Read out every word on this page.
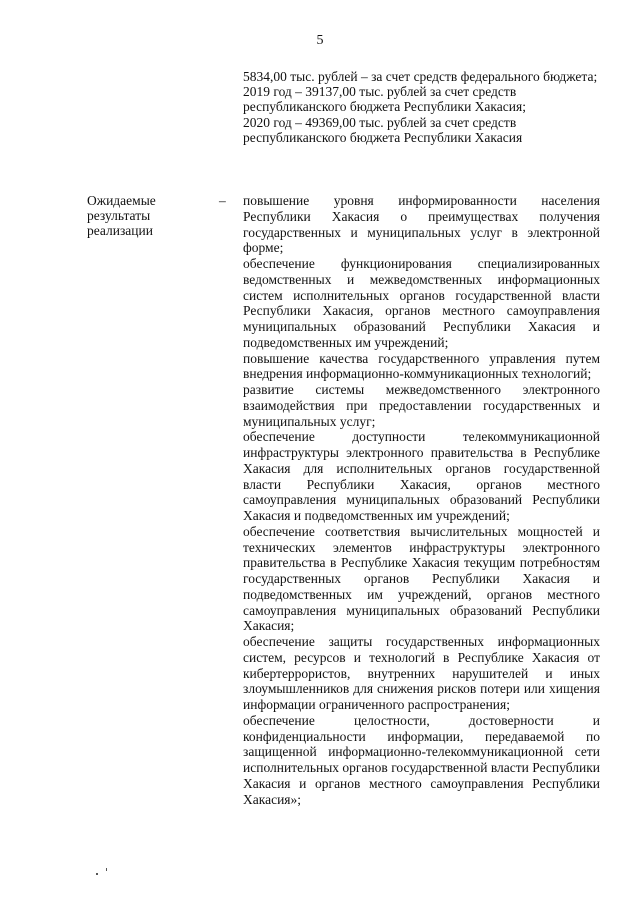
5

5834,00 тыс. рублей – за счет средств федерального бюджета;

2019 год – 39137,00 тыс. рублей за счет средств республиканского бюджета Республики Хакасия;

2020 год – 49369,00 тыс. рублей за счет средств республиканского бюджета Республики Хакасия

Ожидаемые

результаты

реализации

– повышение уровня информированности населения Республики Хакасия о преимуществах получения государственных и муниципальных услуг в электронной форме;

обеспечение функционирования специализированных ведомственных и межведомственных информационных систем исполнительных органов государственной власти Республики Хакасия, органов местного самоуправления муниципальных образований Республики Хакасия и подведомственных им учреждений;

повышение качества государственного управления путем внедрения информационно-коммуникационных технологий;

развитие системы межведомственного электронного взаимодействия при предоставлении государственных и муниципальных услуг;

обеспечение доступности телекоммуникационной инфраструктуры электронного правительства в Республике Хакасия для исполнительных органов государственной власти Республики Хакасия, органов местного самоуправления муниципальных образований Республики Хакасия и подведомственных им учреждений;

обеспечение соответствия вычислительных мощностей и технических элементов инфраструктуры электронного правительства в Республике Хакасия текущим потребностям государственных органов Республики Хакасия и подведомственных им учреждений, органов местного самоуправления муниципальных образований Республики Хакасия;

обеспечение защиты государственных информационных систем, ресурсов и технологий в Республике Хакасия от кибертеррористов, внутренних нарушителей и иных злоумышленников для снижения рисков потери или хищения информации ограниченного распространения;

обеспечение целостности, достоверности и конфиденциальности информации, передаваемой по защищенной информационно-телекоммуникационной сети исполнительных органов государственной власти Республики Хакасия и органов местного самоуправления Республики Хакасия»;
